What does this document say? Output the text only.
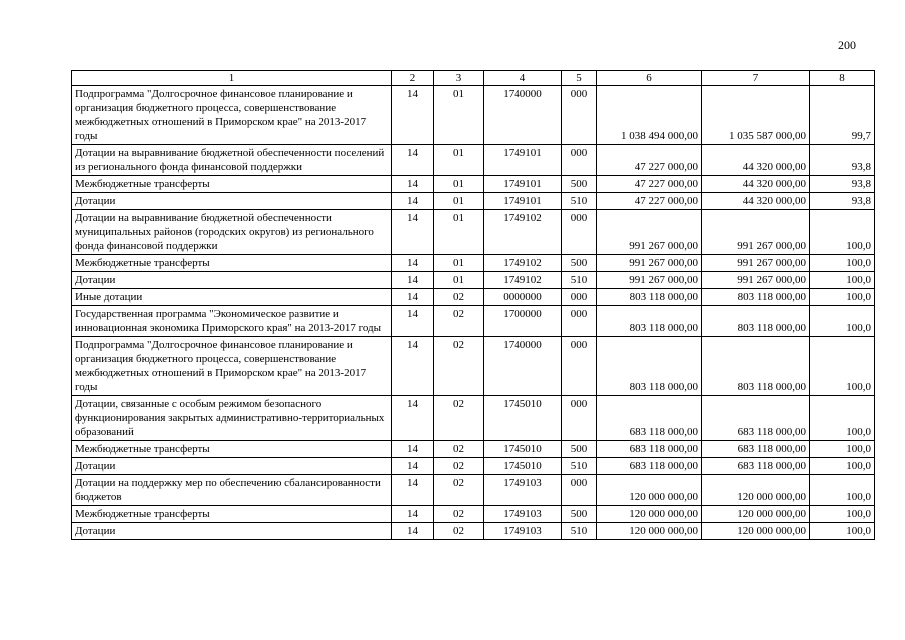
200
1	2	3	4	5	6	7	8
Подпрограмма "Долгосрочное финансовое планирование и организация бюджетного процесса, совершенствование межбюджетных отношений в Приморском крае" на 2013-2017 годы	14	01	1740000	000	1 038 494 000,00	1 035 587 000,00	99,7
Дотации на выравнивание бюджетной обеспеченности поселений из регионального фонда финансовой поддержки	14	01	1749101	000	47 227 000,00	44 320 000,00	93,8
Межбюджетные трансферты	14	01	1749101	500	47 227 000,00	44 320 000,00	93,8
Дотации	14	01	1749101	510	47 227 000,00	44 320 000,00	93,8
Дотации на выравнивание бюджетной обеспеченности муниципальных районов (городских округов) из регионального фонда финансовой поддержки	14	01	1749102	000	991 267 000,00	991 267 000,00	100,0
Межбюджетные трансферты	14	01	1749102	500	991 267 000,00	991 267 000,00	100,0
Дотации	14	01	1749102	510	991 267 000,00	991 267 000,00	100,0
Иные дотации	14	02	0000000	000	803 118 000,00	803 118 000,00	100,0
Государственная программа "Экономическое развитие и инновационная экономика Приморского края" на 2013-2017 годы	14	02	1700000	000	803 118 000,00	803 118 000,00	100,0
Подпрограмма "Долгосрочное финансовое планирование и организация бюджетного процесса, совершенствование межбюджетных отношений в Приморском крае" на 2013-2017 годы	14	02	1740000	000	803 118 000,00	803 118 000,00	100,0
Дотации, связанные с особым режимом безопасного функционирования закрытых административно-территориальных образований	14	02	1745010	000	683 118 000,00	683 118 000,00	100,0
Межбюджетные трансферты	14	02	1745010	500	683 118 000,00	683 118 000,00	100,0
Дотации	14	02	1745010	510	683 118 000,00	683 118 000,00	100,0
Дотации на поддержку мер по обеспечению сбалансированности бюджетов	14	02	1749103	000	120 000 000,00	120 000 000,00	100,0
Межбюджетные трансферты	14	02	1749103	500	120 000 000,00	120 000 000,00	100,0
Дотации	14	02	1749103	510	120 000 000,00	120 000 000,00	100,0
